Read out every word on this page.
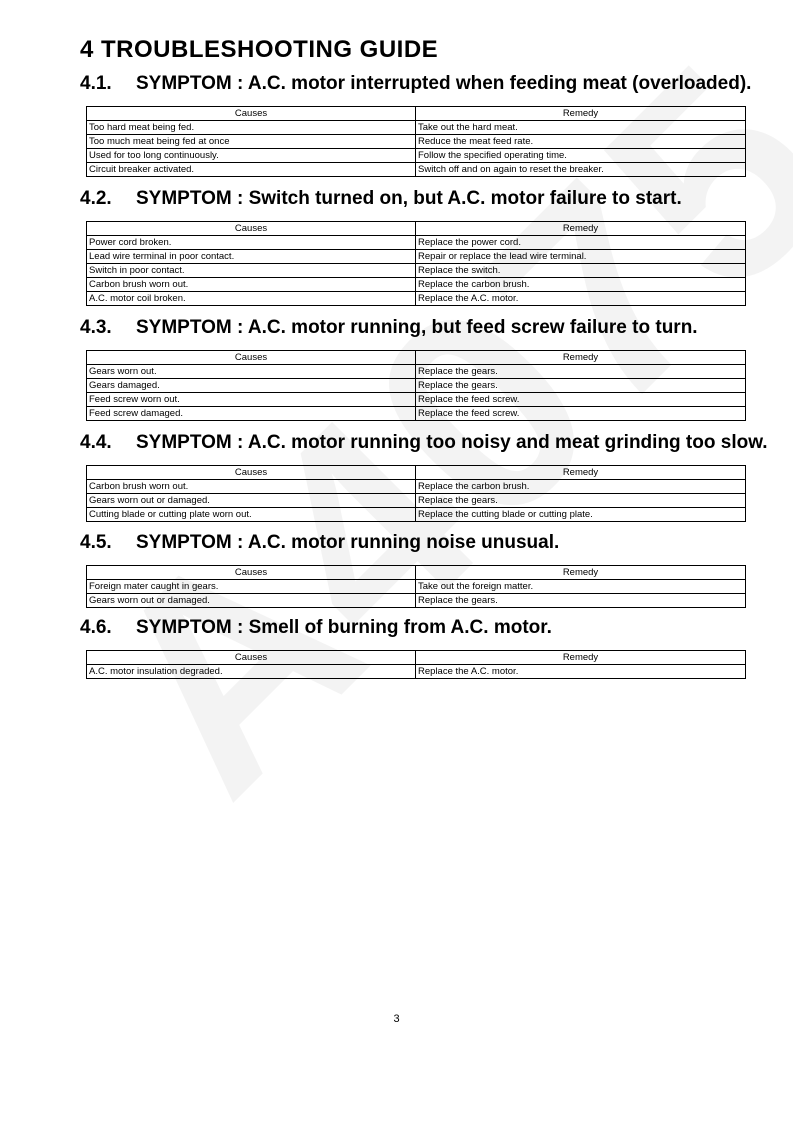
4 TROUBLESHOOTING GUIDE
4.1. SYMPTOM : A.C. motor interrupted when feeding meat (overloaded).
Causes	Remedy
Too hard meat being fed.	Take out the hard meat.
Too much meat being fed at once	Reduce the meat feed rate.
Used for too long continuously.	Follow the specified operating time.
Circuit breaker activated.	Switch off and on again to reset the breaker.
4.2. SYMPTOM : Switch turned on, but A.C. motor failure to start.
Causes	Remedy
Power cord broken.	Replace the power cord.
Lead wire terminal in poor contact.	Repair or replace the lead wire terminal.
Switch in poor contact.	Replace the switch.
Carbon brush worn out.	Replace the carbon brush.
A.C. motor coil broken.	Replace the A.C. motor.
4.3. SYMPTOM : A.C. motor running, but feed screw failure to turn.
Causes	Remedy
Gears worn out.	Replace the gears.
Gears damaged.	Replace the gears.
Feed screw worn out.	Replace the feed screw.
Feed screw damaged.	Replace the feed screw.
4.4. SYMPTOM : A.C. motor running too noisy and meat grinding too slow.
Causes	Remedy
Carbon brush worn out.	Replace the carbon brush.
Gears worn out or damaged.	Replace the gears.
Cutting blade or cutting plate worn out.	Replace the cutting blade or cutting plate.
4.5. SYMPTOM : A.C. motor running noise unusual.
Causes	Remedy
Foreign mater caught in gears.	Take out the foreign matter.
Gears worn out or damaged.	Replace the gears.
4.6. SYMPTOM : Smell of burning from A.C. motor.
Causes	Remedy
A.C. motor insulation degraded.	Replace the A.C. motor.
3
